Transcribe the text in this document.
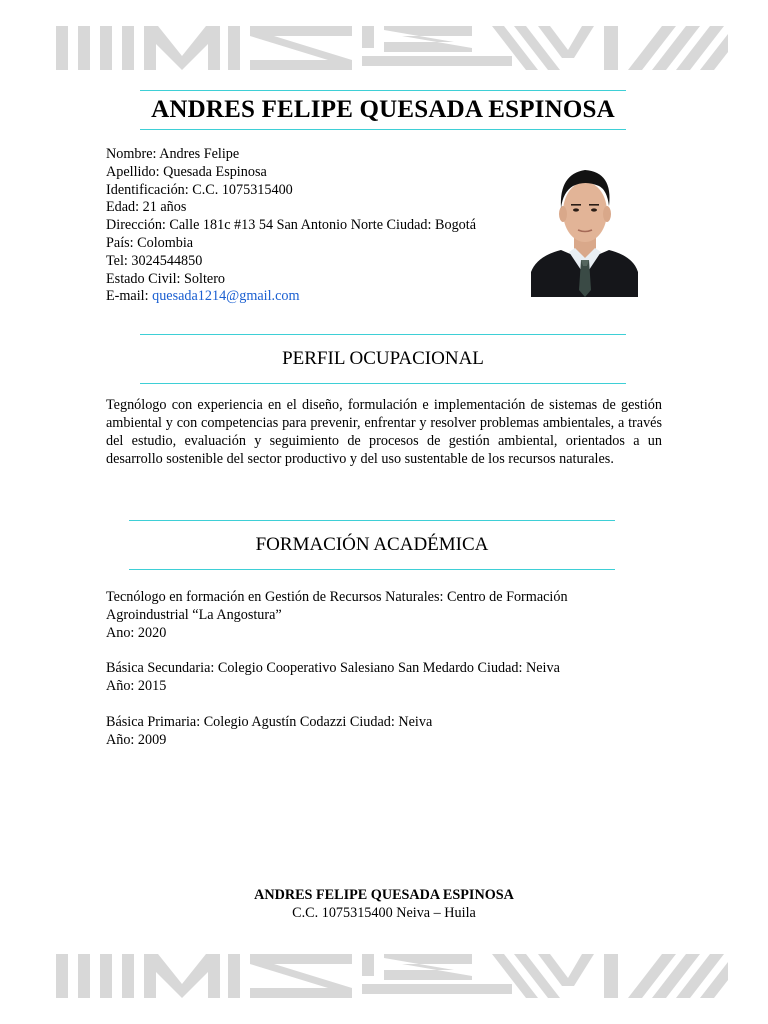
ANDRES FELIPE QUESADA ESPINOSA
Nombre: Andres Felipe
Apellido: Quesada Espinosa
Identificación: C.C. 1075315400
Edad: 21 años
Dirección: Calle 181c #13 54 San Antonio Norte Ciudad: Bogotá
País: Colombia
Tel: 3024544850
Estado Civil: Soltero
E-mail: quesada1214@gmail.com
PERFIL OCUPACIONAL
Tegnólogo con experiencia en el diseño, formulación e implementación de sistemas de gestión ambiental y con competencias para prevenir, enfrentar y resolver problemas ambientales, a través del estudio, evaluación y seguimiento de procesos de gestión ambiental, orientados a un desarrollo sostenible del sector productivo y del uso sustentable de los recursos naturales.
FORMACIÓN ACADÉMICA
Tecnólogo en formación en Gestión de Recursos Naturales: Centro de Formación
Agroindustrial “La Angostura”
Ano: 2020
Básica Secundaria: Colegio Cooperativo Salesiano San Medardo Ciudad: Neiva
Año: 2015
Básica Primaria: Colegio Agustín Codazzi Ciudad: Neiva
Año: 2009
ANDRES FELIPE QUESADA ESPINOSA
C.C. 1075315400 Neiva – Huila
